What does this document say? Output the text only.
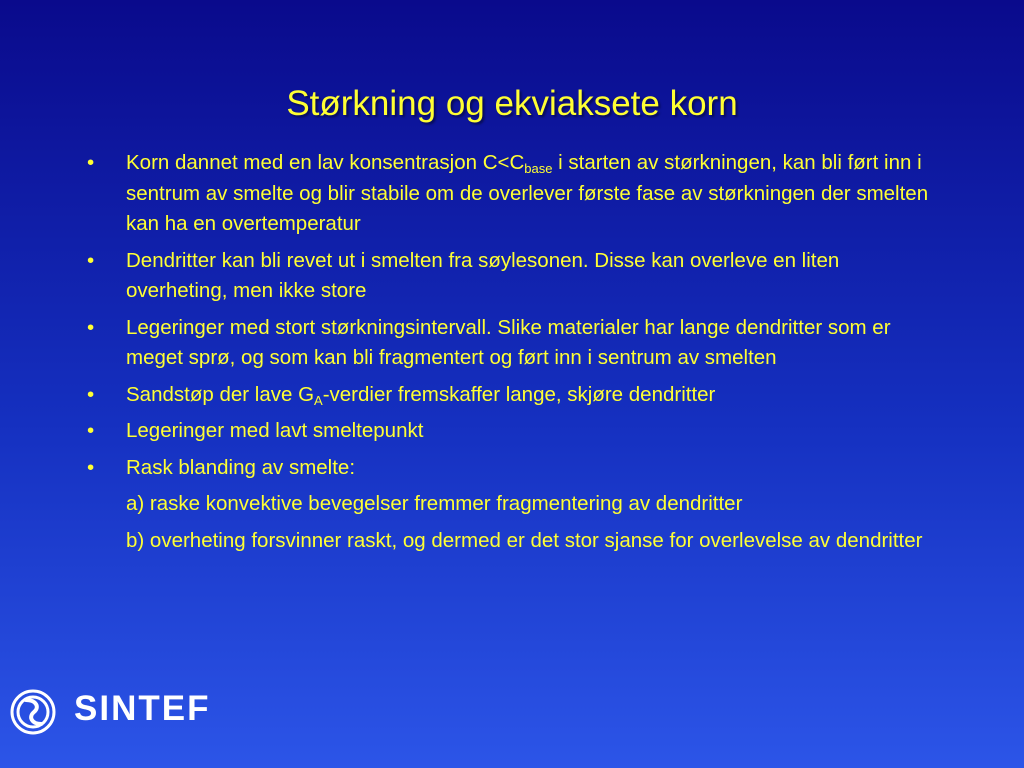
Størkning og ekviaksete korn
• Korn dannet med en lav konsentrasjon $C<C_{base}$ i starten av størkningen, kan bli ført inn i sentrum av smelte og blir stabile om de overlever første fase av størkningen der smelten kan ha en overtemperatur
• Dendritter kan bli revet ut i smelten fra søylesonen. Disse kan overleve en liten overheting, men ikke store
• Legeringer med stort størkningsintervall. Slike materialer har lange dendritter som er meget sprø, og som kan bli fragmentert og ført inn i sentrum av smelten
• Sandstøp der lave $G_A$-verdier fremskaffer lange, skjøre dendritter
• Legeringer med lavt smeltepunkt
• Rask blanding av smelte:
a) raske konvektive bevegelser fremmer fragmentering av dendritter
b) overheting forsvinner raskt, og dermed er det stor sjanse for overlevelse av dendritter
SINTEF
